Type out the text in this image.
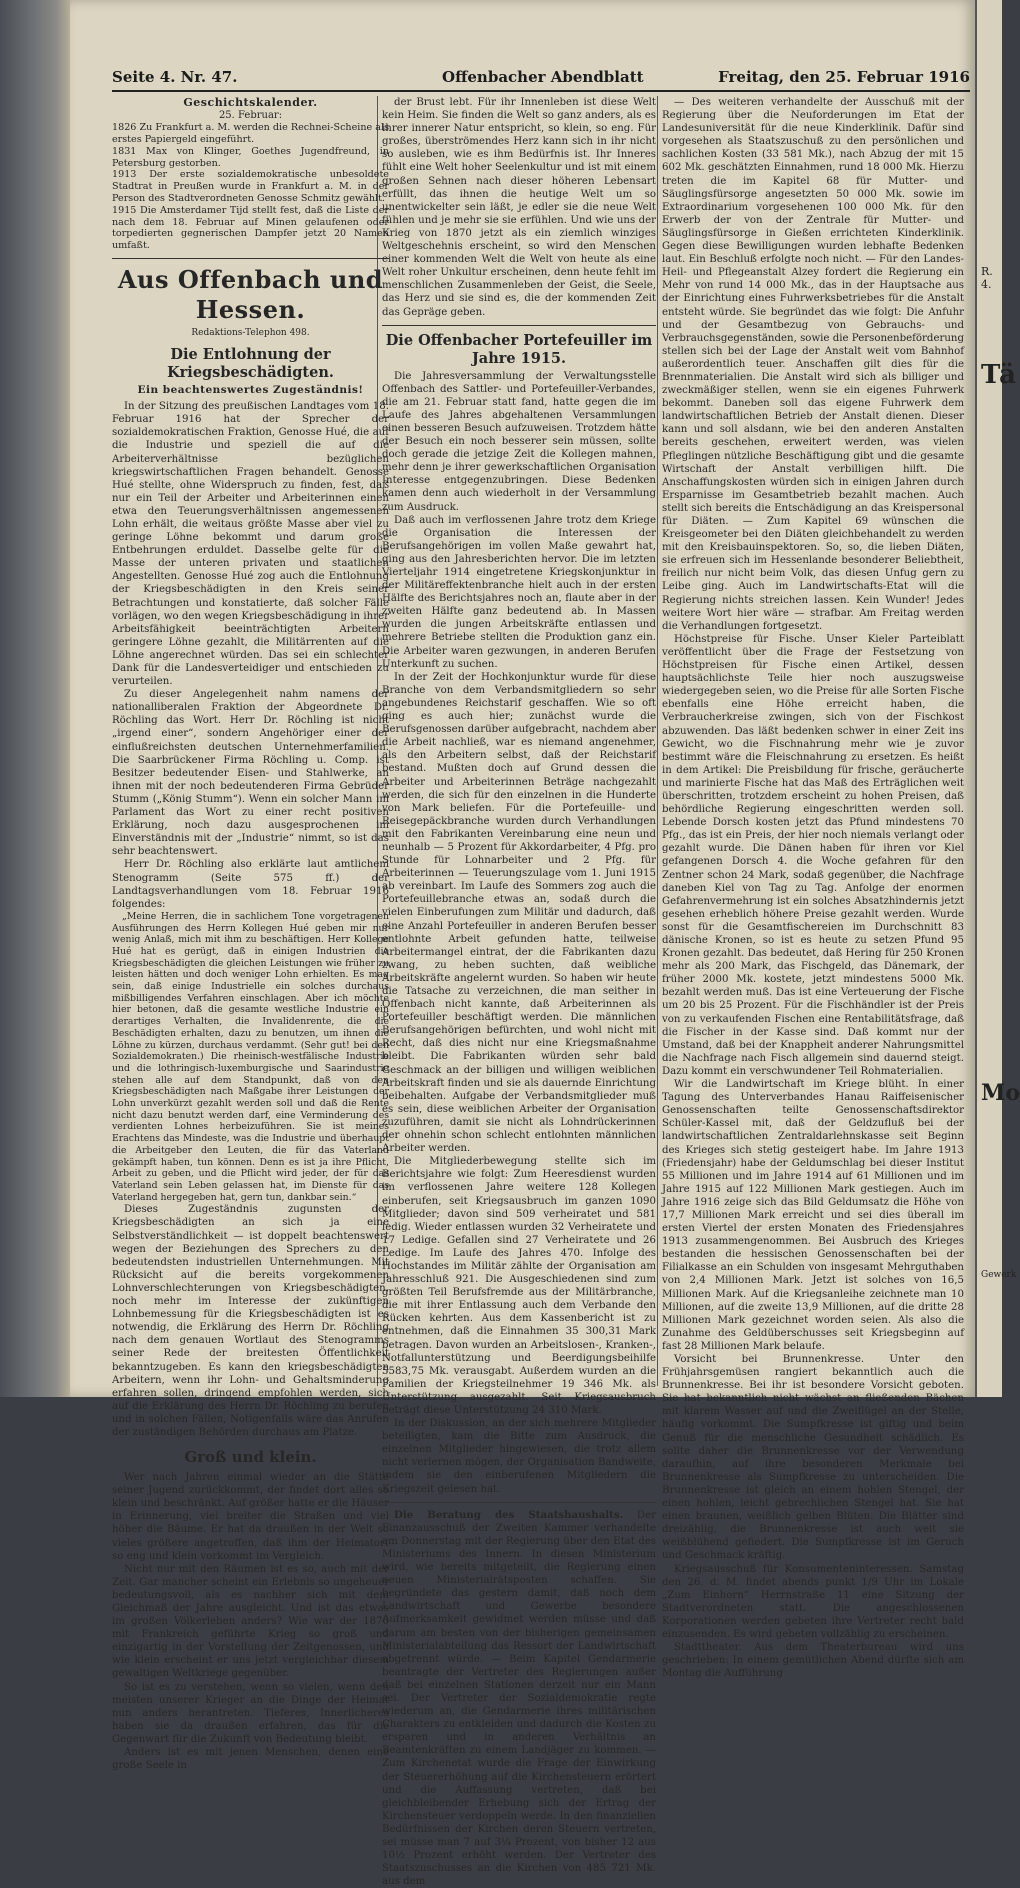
Seite 4. Nr. 47.	Offenbacher Abendblatt	Freitag, den 25. Februar 1916
Geschichtskalender.
25. Februar:

1826 Zu Frankfurt a. M. werden die Rechnei-Scheine als erstes Papiergeld eingeführt.

1831 Max von Klinger, Goethes Jugendfreund, in Petersburg gestorben.

1913 Der erste sozialdemokratische unbesoldete Stadtrat in Preußen wurde in Frankfurt a. M. in der Person des Stadtverordneten Genosse Schmitz gewählt.

1915 Die Amsterdamer Tijd stellt fest, daß die Liste der nach dem 18. Februar auf Minen gelaufenen oder torpedierten gegnerischen Dampfer jetzt 20 Namen umfaßt.

Aus Offenbach und Hessen.
Redaktions-Telephon 498.
Die Entlohnung der Kriegsbeschädigten.
Ein beachtenswertes Zugeständnis!

In der Sitzung des preußischen Landtages vom 18. Februar 1916 hat der Sprecher der sozialdemokratischen Fraktion, Genosse Hué, die auf die Industrie und speziell die auf die Arbeiterverhältnisse bezüglichen kriegswirtschaftlichen Fragen behandelt. Genosse Hué stellte, ohne Widerspruch zu finden, fest, daß nur ein Teil der Arbeiter und Arbeiterinnen einen etwa den Teuerungsverhältnissen angemessenen Lohn erhält, die weitaus größte Masse aber viel zu geringe Löhne bekommt und darum große Entbehrungen erduldet. Dasselbe gelte für die Masse der unteren privaten und staatlichen Angestellten. Genosse Hué zog auch die Entlohnung der Kriegsbeschädigten in den Kreis seiner Betrachtungen und konstatierte, daß solcher Fälle vorlägen, wo den wegen Kriegsbeschädigung in ihrer Arbeitsfähigkeit beeinträchtigten Arbeitern geringere Löhne gezahlt, die Militärrenten auf die Löhne angerechnet würden. Das sei ein schlechter Dank für die Landesverteidiger und entschieden zu verurteilen.

Zu dieser Angelegenheit nahm namens der nationalliberalen Fraktion der Abgeordnete Dr. Röchling das Wort. Herr Dr. Röchling ist nicht „irgend einer“, sondern Angehöriger einer der einflußreichsten deutschen Unternehmerfamilien. Die Saarbrückener Firma Röchling u. Comp. ist Besitzer bedeutender Eisen- und Stahlwerke, an ihnen mit der noch bedeutenderen Firma Gebrüder Stumm („König Stumm“). Wenn ein solcher Mann im Parlament das Wort zu einer recht positiven Erklärung, noch dazu ausgesprochenen im Einverständnis mit der „Industrie“ nimmt, so ist das sehr beachtenswert.

Herr Dr. Röchling also erklärte laut amtlichem Stenogramm (Seite 575 ff.) der Landtagsverhandlungen vom 18. Februar 1916 folgendes:

„Meine Herren, die in sachlichem Tone vorgetragenen Ausführungen des Herrn Kollegen Hué geben mir nur wenig Anlaß, mich mit ihm zu beschäftigen. Herr Kollege Hué hat es gerügt, daß in einigen Industrien die Kriegsbeschädigten die gleichen Leistungen wie früher zu leisten hätten und doch weniger Lohn erhielten. Es mag sein, daß einige Industrielle ein solches durchaus mißbilligendes Verfahren einschlagen. Aber ich möchte hier betonen, daß die gesamte westliche Industrie ein derartiges Verhalten, die Invalidenrente, die die Beschädigten erhalten, dazu zu benutzen, um ihnen die Löhne zu kürzen, durchaus verdammt. (Sehr gut! bei den Sozialdemokraten.) Die rheinisch-westfälische Industrie und die lothringisch-luxemburgische und Saarindustrie stehen alle auf dem Standpunkt, daß von den Kriegsbeschädigten nach Maßgabe ihrer Leistungen der Lohn unverkürzt gezahlt werden soll und daß die Rente nicht dazu benutzt werden darf, eine Verminderung des verdienten Lohnes herbeizuführen. Sie ist meines Erachtens das Mindeste, was die Industrie und überhaupt die Arbeitgeber den Leuten, die für das Vaterland gekämpft haben, tun können. Denn es ist ja ihre Pflicht, Arbeit zu geben, und die Pflicht wird jeder, der für das Vaterland sein Leben gelassen hat, im Dienste für das Vaterland hergegeben hat, gern tun, dankbar sein.“

Dieses Zugeständnis zugunsten der Kriegsbeschädigten an sich ja eine Selbstverständlichkeit — ist doppelt beachtenswert wegen der Beziehungen des Sprechers zu den bedeutendsten industriellen Unternehmungen. Mit Rücksicht auf die bereits vorgekommenen Lohnverschlechterungen von Kriegsbeschädigten, noch mehr im Interesse der zukünftigen Lohnbemessung für die Kriegsbeschädigten ist es notwendig, die Erklärung des Herrn Dr. Röchling nach dem genauen Wortlaut des Stenogramms seiner Rede der breitesten Öffentlichkeit bekanntzugeben. Es kann den kriegsbeschädigten Arbeitern, wenn ihr Lohn- und Gehaltsminderung erfahren sollen, dringend empfohlen werden, sich auf die Erklärung des Herrn Dr. Röchling zu berufen und in solchen Fällen, Notigenfalls wäre das Anrufen der zuständigen Behörden durchaus am Platze.

Groß und klein.

Wer nach Jahren einmal wieder an die Stätte seiner Jugend zurückkommt, der findet dort alles so klein und beschränkt. Auf größer hatte er die Häuser in Erinnerung, viel breiter die Straßen und viel höher die Bäume. Er hat da draußen in der Welt so vieles größere angetroffen, daß ihm der Heimatort so eng und klein vorkommt im Vergleich.

Nicht nur mit den Räumen ist es so, auch mit der Zeit. Gar mancher scheint ein Erlebnis so ungeheuer bedeutungsvoll, als es nachher sich mit dem Gleichmaß der Jahre ausgleicht. Und ist das etwas im großen Völkerleben anders? Wie war der 1870 mit Frankreich geführte Krieg so groß und einzigartig in der Vorstellung der Zeitgenossen, und wie klein erscheint er uns jetzt vergleichbar diesem gewaltigen Weltkriege gegenüber.

So ist es zu verstehen, wenn so vielen, wenn den meisten unserer Krieger an die Dinge der Heimat nun anders herantreten. Tieferes, Innerlicheres haben sie da draußen erfahren, das für die Gegenwart für die Zukunft von Bedeutung bleibt.

Anders ist es mit jenen Menschen, denen eine große Seele in

der Brust lebt. Für ihr Innenleben ist diese Welt kein Heim. Sie finden die Welt so ganz anders, als es ihrer innerer Natur entspricht, so klein, so eng. Für großes, überströmendes Herz kann sich in ihr nicht so ausleben, wie es ihm Bedürfnis ist. Ihr Inneres fühlt eine Welt hoher Seelenkultur und ist mit einem großen Sehnen nach dieser höheren Lebensart erfüllt, das ihnen die heutige Welt um so unentwickelter sein läßt, je edler sie die neue Welt fühlen und je mehr sie sie erfühlen. Und wie uns der Krieg von 1870 jetzt als ein ziemlich winziges Weltgeschehnis erscheint, so wird den Menschen einer kommenden Welt die Welt von heute als eine Welt roher Unkultur erscheinen, denn heute fehlt im menschlichen Zusammenleben der Geist, die Seele, das Herz und sie sind es, die der kommenden Zeit das Gepräge geben.

Die Offenbacher Portefeuiller im Jahre 1915.

Die Jahresversammlung der Verwaltungsstelle Offenbach des Sattler- und Portefeuiller-Verbandes, die am 21. Februar statt fand, hatte gegen die im Laufe des Jahres abgehaltenen Versammlungen einen besseren Besuch aufzuweisen. Trotzdem hätte der Besuch ein noch besserer sein müssen, sollte doch gerade die jetzige Zeit die Kollegen mahnen, mehr denn je ihrer gewerkschaftlichen Organisation Interesse entgegenzubringen. Diese Bedenken kamen denn auch wiederholt in der Versammlung zum Ausdruck.

Daß auch im verflossenen Jahre trotz dem Kriege die Organisation die Interessen der Berufsangehörigen im vollen Maße gewahrt hat, ging aus den Jahresberichten hervor. Die im letzten Vierteljahr 1914 eingetretene Kriegskonjunktur in der Militäreffektenbranche hielt auch in der ersten Hälfte des Berichtsjahres noch an, flaute aber in der zweiten Hälfte ganz bedeutend ab. In Massen wurden die jungen Arbeitskräfte entlassen und mehrere Betriebe stellten die Produktion ganz ein. Die Arbeiter waren gezwungen, in anderen Berufen Unterkunft zu suchen.

In der Zeit der Hochkonjunktur wurde für diese Branche von dem Verbandsmitgliedern so sehr angebundenes Reichstarif geschaffen. Wie so oft ging es auch hier; zunächst wurde die Berufsgenossen darüber aufgebracht, nachdem aber die Arbeit nachließ, war es niemand angenehmer, als den Arbeitern selbst, daß der Reichstarif bestand. Mußten doch auf Grund dessen die Arbeiter und Arbeiterinnen Beträge nachgezahlt werden, die sich für den einzelnen in die Hunderte von Mark beliefen. Für die Portefeuille- und Reisegepäckbranche wurden durch Verhandlungen mit den Fabrikanten Vereinbarung eine neun und neunhalb — 5 Prozent für Akkordarbeiter, 4 Pfg. pro Stunde für Lohnarbeiter und 2 Pfg. für Arbeiterinnen — Teuerungszulage vom 1. Juni 1915 ab vereinbart. Im Laufe des Sommers zog auch die Portefeuillebranche etwas an, sodaß durch die vielen Einberufungen zum Militär und dadurch, daß eine Anzahl Portefeuiller in anderen Berufen besser entlohnte Arbeit gefunden hatte, teilweise Arbeitermangel eintrat, der die Fabrikanten dazu zwang, zu heben suchten, daß weibliche Arbeitskräfte angelernt wurden. So haben wir heute die Tatsache zu verzeichnen, die man seither in Offenbach nicht kannte, daß Arbeiterinnen als Portefeuiller beschäftigt werden. Die männlichen Berufsangehörigen befürchten, und wohl nicht mit Recht, daß dies nicht nur eine Kriegsmaßnahme bleibt. Die Fabrikanten würden sehr bald Geschmack an der billigen und willigen weiblichen Arbeitskraft finden und sie als dauernde Einrichtung beibehalten. Aufgabe der Verbandsmitglieder muß es sein, diese weiblichen Arbeiter der Organisation zuzuführen, damit sie nicht als Lohndrückerinnen der ohnehin schon schlecht entlohnten männlichen Arbeiter werden.

Die Mitgliederbewegung stellte sich im Berichtsjahre wie folgt: Zum Heeresdienst wurden im verflossenen Jahre weitere 128 Kollegen einberufen, seit Kriegsausbruch im ganzen 1090 Mitglieder; davon sind 509 verheiratet und 581 ledig. Wieder entlassen wurden 32 Verheiratete und 17 Ledige. Gefallen sind 27 Verheiratete und 26 Ledige. Im Laufe des Jahres 470. Infolge des Hochstandes im Militär zählte der Organisation am Jahresschluß 921. Die Ausgeschiedenen sind zum größten Teil Berufsfremde aus der Militärbranche, die mit ihrer Entlassung auch dem Verbande den Rücken kehrten. Aus dem Kassenbericht ist zu entnehmen, daß die Einnahmen 35 300,31 Mark betragen. Davon wurden an Arbeitslosen-, Kranken-, Notfallunterstützung und Beerdigungsbeihilfe 5583,75 Mk. verausgabt. Außerdem wurden an die Familien der Kriegsteilnehmer 19 346 Mk. als Unterstützung ausgezahlt. Seit Kriegsausbruch beträgt diese Unterstützung 24 310 Mark.

In der Diskussion, an der sich mehrere Mitglieder beteiligten, kam die Bitte zum Ausdruck, die einzelnen Mitglieder hingewiesen, die trotz allem nicht verlernen mögen, der Organisation Bandweite, indem sie den einberufenen Mitgliedern die Kriegszeit gelesen hat.

Die Beratung des Staatshaushalts. Der Finanzausschuß der Zweiten Kammer verhandelte am Donnerstag mit der Regierung über den Etat des Ministeriums des Innern. In diesen Ministerium wird, wie bereits mitgeteilt, die Regierung einen neuen Ministerialrätsposten schaffen. Sie begründete das gestern damit, daß noch dem Landwirtschaft und Gewerbe besondere Aufmerksamkeit gewidmet werden müsse und daß darum am besten von der bisherigen gemeinsamen Ministerialabteilung das Ressort der Landwirtschaft abgetrennt würde. — Beim Kapitel Gendarmerie beantragte der Vertreter des Regierungen außer daß bei einzelnen Stationen derzeit nur ein Mann sei. Der Vertreter der Sozialdemokratie regte wiederum an, die Gendarmerie ihres militärischen Charakters zu entkleiden und dadurch die Kosten zu ersparen und in anderen Verhältnis an Beamtenkräften zu einem Landjäger zu kommen. — Zum Kirchenetat wurde die Frage der Einwirkung der Steuererhöhung auf die Kirchensteuern erörtert und die Auffassung vertreten, daß bei gleichbleibender Erhebung sich der Ertrag der Kirchensteuer verdoppeln werde. In den finanziellen Bedürfnissen der Kirchen deren Steuern vertreten, sei müsse man 7 auf 3¼ Prozent, von bisher 12 aus 10½ Prozent erhöht werden. Der Vertreter des Staatszuschusses an die Kirchen von 485 721 Mk. aus dem

— Des weiteren verhandelte der Ausschuß mit der Regierung über die Neuforderungen im Etat der Landesuniversität für die neue Kinderklinik. Dafür sind vorgesehen als Staatszuschuß zu den persönlichen und sachlichen Kosten (33 581 Mk.), nach Abzug der mit 15 602 Mk. geschätzten Einnahmen, rund 18 000 Mk. Hierzu treten die im Kapitel 68 für Mutter- und Säuglingsfürsorge angesetzten 50 000 Mk. sowie im Extraordinarium vorgesehenen 100 000 Mk. für den Erwerb der von der Zentrale für Mutter- und Säuglingsfürsorge in Gießen errichteten Kinderklinik. Gegen diese Bewilligungen wurden lebhafte Bedenken laut. Ein Beschluß erfolgte noch nicht. — Für den Landes-Heil- und Pflegeanstalt Alzey fordert die Regierung ein Mehr von rund 14 000 Mk., das in der Hauptsache aus der Einrichtung eines Fuhrwerksbetriebes für die Anstalt entsteht würde. Sie begründet das wie folgt: Die Anfuhr und der Gesamtbezug von Gebrauchs- und Verbrauchsgegenständen, sowie die Personenbeförderung stellen sich bei der Lage der Anstalt weit vom Bahnhof außerordentlich teuer. Anschaffen gilt dies für die Brennmaterialien. Die Anstalt wird sich als billiger und zweckmäßiger stellen, wenn sie ein eigenes Fuhrwerk bekommt. Daneben soll das eigene Fuhrwerk dem landwirtschaftlichen Betrieb der Anstalt dienen. Dieser kann und soll alsdann, wie bei den anderen Anstalten bereits geschehen, erweitert werden, was vielen Pfleglingen nützliche Beschäftigung gibt und die gesamte Wirtschaft der Anstalt verbilligen hilft. Die Anschaffungskosten würden sich in einigen Jahren durch Ersparnisse im Gesamtbetrieb bezahlt machen. Auch stellt sich bereits die Entschädigung an das Kreispersonal für Diäten. — Zum Kapitel 69 wünschen die Kreisgeometer bei den Diäten gleichbehandelt zu werden mit den Kreisbauinspektoren. So, so, die lieben Diäten, sie erfreuen sich im Hessenlande besonderer Beliebtheit, freilich nur nicht beim Volk, das diesen Unfug gern zu Leibe ging. Auch im Landwirtschafts-Etat will die Regierung nichts streichen lassen. Kein Wunder! Jedes weitere Wort hier wäre — strafbar. Am Freitag werden die Verhandlungen fortgesetzt.

Höchstpreise für Fische. Unser Kieler Parteiblatt veröffentlicht über die Frage der Festsetzung von Höchstpreisen für Fische einen Artikel, dessen hauptsächlichste Teile hier noch auszugsweise wiedergegeben seien, wo die Preise für alle Sorten Fische ebenfalls eine Höhe erreicht haben, die Verbraucherkreise zwingen, sich von der Fischkost abzuwenden. Das läßt bedenken schwer in einer Zeit ins Gewicht, wo die Fischnahrung mehr wie je zuvor bestimmt wäre die Fleischnahrung zu ersetzen. Es heißt in dem Artikel: Die Preisbildung für frische, geräucherte und marinierte Fische hat das Maß des Erträglichen weit überschritten, trotzdem erscheint zu hohen Preisen, daß behördliche Regierung eingeschritten werden soll. Lebende Dorsch kosten jetzt das Pfund mindestens 70 Pfg., das ist ein Preis, der hier noch niemals verlangt oder gezahlt wurde. Die Dänen haben für ihren vor Kiel gefangenen Dorsch 4. die Woche gefahren für den Zentner schon 24 Mark, sodaß gegenüber, die Nachfrage daneben Kiel von Tag zu Tag. Anfolge der enormen Gefahrenvermehrung ist ein solches Absatzhindernis jetzt gesehen erheblich höhere Preise gezahlt werden. Wurde sonst für die Gesamtfischereien im Durchschnitt 83 dänische Kronen, so ist es heute zu setzen Pfund 95 Kronen gezahlt. Das bedeutet, daß Hering für 250 Kronen mehr als 200 Mark, das Fischgeld, das Dänemark, der früher 2000 Mk. kostete, jetzt mindestens 5000 Mk. bezahlt werden muß. Das ist eine Verteuerung der Fische um 20 bis 25 Prozent. Für die Fischhändler ist der Preis von zu verkaufenden Fischen eine Rentabilitätsfrage, daß die Fischer in der Kasse sind. Daß kommt nur der Umstand, daß bei der Knappheit anderer Nahrungsmittel die Nachfrage nach Fisch allgemein sind dauernd steigt. Dazu kommt ein verschwundener Teil Rohmaterialien.

Wir die Landwirtschaft im Kriege blüht. In einer Tagung des Unterverbandes Hanau Raiffeisenischer Genossenschaften teilte Genossenschaftsdirektor Schüler-Kassel mit, daß der Geldzufluß bei der landwirtschaftlichen Zentraldarlehnskasse seit Beginn des Krieges sich stetig gesteigert habe. Im Jahre 1913 (Friedensjahr) habe der Geldumschlag bei dieser Institut 55 Millionen und im Jahre 1914 auf 61 Millionen und im Jahre 1915 auf 122 Millionen Mark gestiegen. Auch im Jahre 1916 zeige sich das Bild Geldumsatz die Höhe von 17,7 Millionen Mark erreicht und sei dies überall im ersten Viertel der ersten Monaten des Friedensjahres 1913 zusammengenommen. Bei Ausbruch des Krieges bestanden die hessischen Genossenschaften bei der Filialkasse an ein Schulden von insgesamt Mehrguthaben von 2,4 Millionen Mark. Jetzt ist solches von 16,5 Millionen Mark. Auf die Kriegsanleihe zeichnete man 10 Millionen, auf die zweite 13,9 Millionen, auf die dritte 28 Millionen Mark gezeichnet worden seien. Als also die Zunahme des Geldüberschusses seit Kriegsbeginn auf fast 28 Millionen Mark belaufe.

Vorsicht bei Brunnenkresse. Unter den Frühjahrsgemüsen rangiert bekanntlich auch die Brunnenkresse. Bei ihr ist besondere Vorsicht geboten. Sie hat bekanntlich nicht wächst an fließenden Bächen mit klarem Wasser auf und die Zweiflügel an der Stelle, häufig vorkommt. Die Sumpfkresse ist giftig und beim Genuß für die menschliche Gesundheit schädlich. Es sollte daher die Brunnenkresse vor der Verwendung daraufhin, auf ihre besonderen Merkmale bei Brunnenkresse als Sumpfkresse zu unterscheiden. Die Brunnenkresse ist gleich an einem hohlen Stengel, der einen hohlen, leicht gebrechlichen Stengel hat. Sie hat einen braunen, weißlich gelben Blüten. Die Blätter sind dreizählig, die Brunnenkresse ist auch weit sie weißblühend gefiedert. Die Sumpfkresse ist im Geruch und Geschmack kräftig.

Kriegsausschuß für Konsumenteninteressen. Samstag den 26. d. M. findet abends punkt 1/9 Uhr im Lokale „Zum Einhorn“ Herrnstraße 11 eine Sitzung der Stadtverordneten statt. Die angeschlossenen Korporationen werden gebeten ihre Vertreter recht bald einzusenden. Es wird gebeten vollzählig zu erscheinen.

Stadttheater. Aus dem Theaterbureau wird uns geschrieben: In einem gemütlichen Abend dürfte sich am Montag die Aufführung

R. 4.
Tä
Mo
Gewerk
